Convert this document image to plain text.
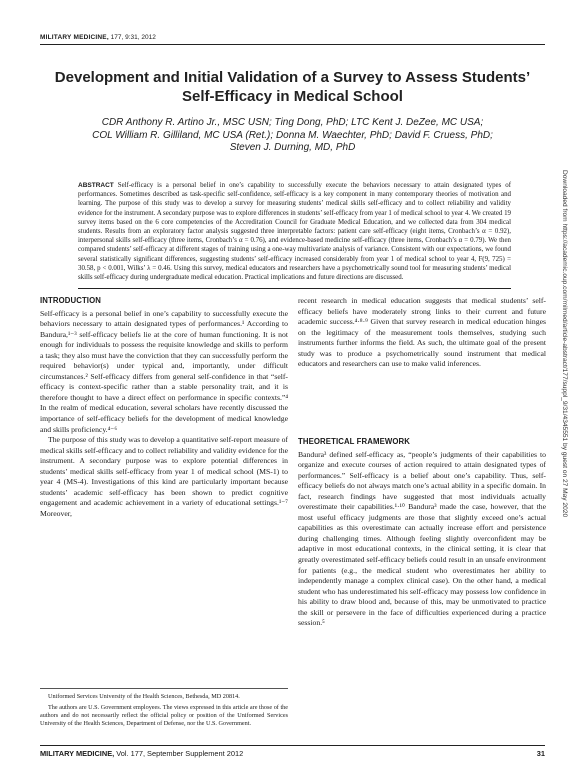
MILITARY MEDICINE, 177, 9:31, 2012
Development and Initial Validation of a Survey to Assess Students’ Self-Efficacy in Medical School
CDR Anthony R. Artino Jr., MSC USN; Ting Dong, PhD; LTC Kent J. DeZee, MC USA;
COL William R. Gilliland, MC USA (Ret.); Donna M. Waechter, PhD; David F. Cruess, PhD;
Steven J. Durning, MD, PhD
ABSTRACT Self-efficacy is a personal belief in one’s capability to successfully execute the behaviors necessary to attain designated types of performances. Sometimes described as task-specific self-confidence, self-efficacy is a key component in many contemporary theories of motivation and learning. The purpose of this study was to develop a survey for measuring students’ medical skills self-efficacy and to collect reliability and validity evidence for the instrument. A secondary purpose was to explore differences in students’ self-efficacy from year 1 of medical school to year 4. We created 19 survey items based on the 6 core competencies of the Accreditation Council for Graduate Medical Education, and we collected data from 304 medical students. Results from an exploratory factor analysis suggested three interpretable factors: patient care self-efficacy (eight items, Cronbach’s α = 0.92), interpersonal skills self-efficacy (three items, Cronbach’s α = 0.76), and evidence-based medicine self-efficacy (three items, Cronbach’s α = 0.79). We then compared students’ self-efficacy at different stages of training using a one-way multivariate analysis of variance. Consistent with our expectations, we found several statistically significant differences, suggesting students’ self-efficacy increased considerably from year 1 of medical school to year 4, F(9, 725) = 30.58, p < 0.001, Wilks’ λ = 0.46. Using this survey, medical educators and researchers have a psychometrically sound tool for measuring students’ medical skills self-efficacy during undergraduate medical education. Practical implications and future directions are discussed.
INTRODUCTION

Self-efficacy is a personal belief in one’s capability to successfully execute the behaviors necessary to attain designated types of performances.¹ According to Bandura,¹⁻³ self-efficacy beliefs lie at the core of human functioning. It is not enough for individuals to possess the requisite knowledge and skills to perform a task; they also must have the conviction that they can successfully perform the required behavior(s) under typical and, importantly, under difficult circumstances.² Self-efficacy differs from general self-confidence in that “self-efficacy is context-specific rather than a stable personality trait, and it is therefore thought to have a direct effect on performance in specific contexts.”⁴ In the realm of medical education, several scholars have recently discussed the importance of self-efficacy beliefs for the development of medical knowledge and skills proficiency.⁴⁻⁶

The purpose of this study was to develop a quantitative self-report measure of medical skills self-efficacy and to collect reliability and validity evidence for the instrument. A secondary purpose was to explore potential differences in students’ medical skills self-efficacy from year 1 of medical school (MS-1) to year 4 (MS-4). Investigations of this kind are particularly important because students’ academic self-efficacy has been shown to predict cognitive engagement and academic achievement in a variety of educational settings.¹⁻⁷ Moreover,

recent research in medical education suggests that medical students’ self-efficacy beliefs have moderately strong links to their current and future academic success.⁴·⁸·⁹ Given that survey research in medical education hinges on the legitimacy of the measurement tools themselves, studying such instruments further informs the field. As such, the ultimate goal of the present study was to produce a psychometrically sound instrument that medical educators and researchers can use to make valid inferences.

THEORETICAL FRAMEWORK

Bandura³ defined self-efficacy as, “people’s judgments of their capabilities to organize and execute courses of action required to attain designated types of performances.” Self-efficacy is a belief about one’s capability. Thus, self-efficacy beliefs do not always match one’s actual ability in a specific domain. In fact, research findings have suggested that most individuals actually overestimate their capabilities.¹·¹⁰ Bandura³ made the case, however, that the most useful efficacy judgments are those that slightly exceed one’s actual capabilities as this overestimate can actually increase effort and persistence during challenging times. Although feeling slightly overconfident may be adaptive in most educational contexts, in the clinical setting, it is clear that greatly overestimated self-efficacy beliefs could result in an unsafe environment for patients (e.g., the medical student who overestimates her ability to independently manage a complex clinical case). On the other hand, a medical student who has underestimated his self-efficacy may possess low confidence in his ability to draw blood and, because of this, may be unmotivated to practice the skill or persevere in the face of difficulties experienced during a practice session.⁵

Uniformed Services University of the Health Sciences, Bethesda, MD 20814.

The authors are U.S. Government employees. The views expressed in this article are those of the authors and do not necessarily reflect the official policy or position of the Uniformed Services University of the Health Sciences, Department of Defense, nor the U.S. Government.

MILITARY MEDICINE, Vol. 177, September Supplement 2012	31
Downloaded from https://academic.oup.com/milmed/article-abstract/177/suppl_9/31/4345551 by guest on 27 May 2020
